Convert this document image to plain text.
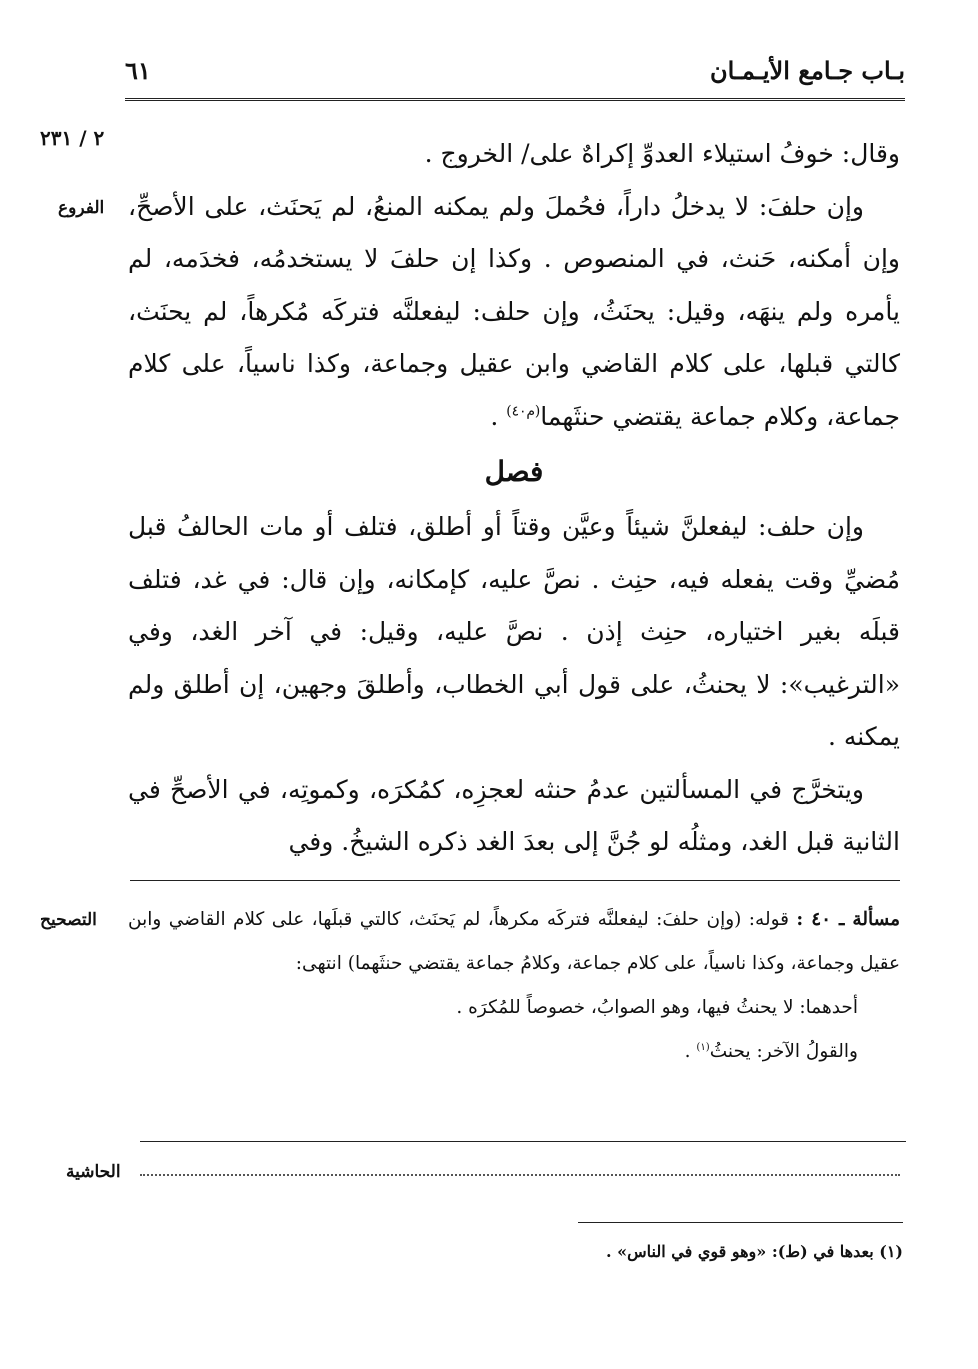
بـاب جـامع الأيـمـان
٦١
٢ / ٢٣١
الفروع
التصحيح
الحاشية

وقال: خوفُ استيلاء العدوِّ إكراهٌ على/ الخروج .

وإن حلفَ: لا يدخلُ داراً، فحُملَ ولم يمكنه المنعُ، لم يَحنَث، على الأصحِّ، وإن أمكنه، حَنث، في المنصوص . وكذا إن حلفَ لا يستخدمُه، فخدَمه، لم يأمره ولم ينهَه، وقيل: يحنَثُ، وإن حلف: ليفعلنَّه فتركَه مُكرهاً، لم يحنَث، كالتي قبلها، على كلام القاضي وابن عقيل وجماعة، وكذا ناسياً، على كلام جماعة، وكلام جماعة يقتضي حنثَهما$^{(م٤٠)}$ .

فصل

وإن حلف: ليفعلنَّ شيئاً وعيَّن وقتاً أو أطلق، فتلف أو مات الحالفُ قبل مُضيِّ وقت يفعله فيه، حنِث . نصَّ عليه، كإمكانه، وإن قال: في غد، فتلف قبلَه بغير اختياره، حنِث إذن . نصَّ عليه، وقيل: في آخر الغد، وفي «الترغيب»: لا يحنثُ، على قول أبي الخطاب، وأطلقَ وجهين، إن أطلق ولم يمكنه .

ويتخرَّج في المسألتين عدمُ حنثه لعجزِه، كمُكرَه، وكموتِه، في الأصحِّ في الثانية قبل الغد، ومثلُه لو جُنَّ إلى بعدَ الغد ذكره الشيخُ. وفي

مسألة ـ ٤٠ : قوله: (وإن حلفَ: ليفعلنَّه فتركَه مكرهاً، لم يَحنَث، كالتي قبلَها، على كلام القاضي وابن عقيل وجماعة، وكذا ناسياً، على كلام جماعة، وكلامُ جماعة يقتضي حنثَهما) انتهى:

أحدهما: لا يحنثُ فيها، وهو الصوابُ، خصوصاً للمُكرَه .

والقولُ الآخر: يحنثُ$^{(١)}$ .

(١) بعدها في (ط): «وهو قوي في الناس» .
